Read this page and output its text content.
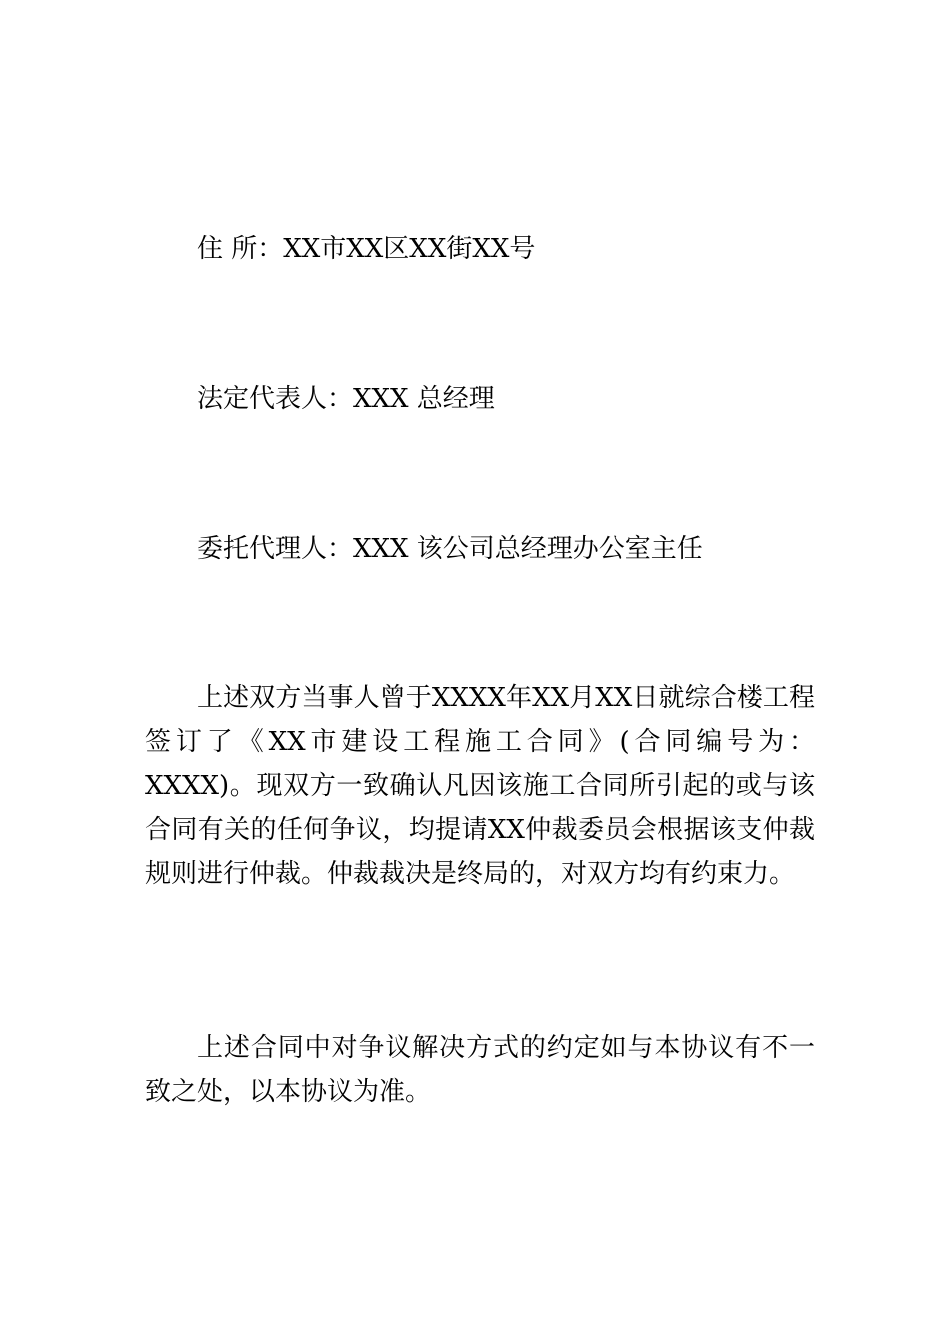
住 所：XX市XX区XX街XX号
法定代表人：XXX 总经理
委托代理人：XXX 该公司总经理办公室主任

上述双方当事人曾于XXXX年XX月XX日就综合楼工程签订了《XX市建设工程施工合同》(合同编号为：XXXX)。现双方一致确认凡因该施工合同所引起的或与该合同有关的任何争议，均提请XX仲裁委员会根据该支仲裁规则进行仲裁。仲裁裁决是终局的，对双方均有约束力。

上述合同中对争议解决方式的约定如与本协议有不一致之处，以本协议为准。
